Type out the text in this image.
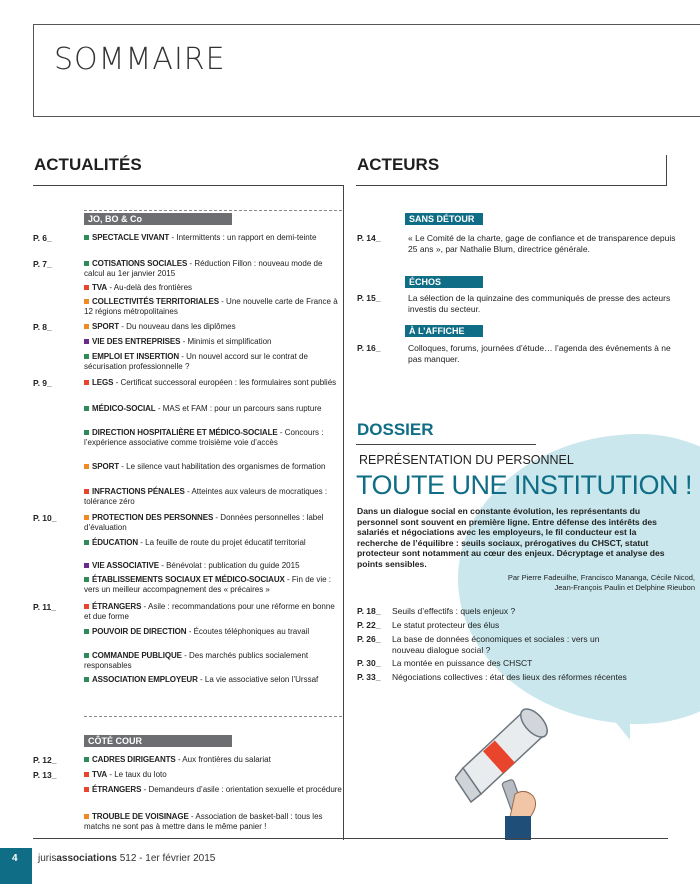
SOMMAIRE
ACTUALITÉS
JO, BO & Co
P. 6_	SPECTACLE VIVANT - Intermittents : un rapport en demi-teinte
P. 7_	COTISATIONS SOCIALES - Réduction Fillon : nouveau mode de calcul au 1er janvier 2015
TVA - Au-delà des frontières
COLLECTIVITÉS TERRITORIALES - Une nouvelle carte de France à 12 régions métropolitaines
P. 8_	SPORT - Du nouveau dans les diplômes
VIE DES ENTREPRISES - Minimis et simplification
EMPLOI ET INSERTION - Un nouvel accord sur le contrat de sécurisation professionnelle ?
P. 9_	LEGS - Certificat successoral européen : les formulaires sont publiés
MÉDICO-SOCIAL - MAS et FAM : pour un parcours sans rupture
DIRECTION HOSPITALIÈRE ET MÉDICO-SOCIALE - Concours : l’expérience associative comme troisième voie d’accès
SPORT - Le silence vaut habilitation des organismes de formation
INFRACTIONS PÉNALES - Atteintes aux valeurs de mocratiques : tolérance zéro
P. 10_	PROTECTION DES PERSONNES - Données personnelles : label d’évaluation
ÉDUCATION - La feuille de route du projet éducatif territorial
VIE ASSOCIATIVE - Bénévolat : publication du guide 2015
ÉTABLISSEMENTS SOCIAUX ET MÉDICO-SOCIAUX - Fin de vie : vers un meilleur accompagnement des « précaires »
P. 11_	ÉTRANGERS - Asile : recommandations pour une réforme en bonne et due forme
POUVOIR DE DIRECTION - Écoutes téléphoniques au travail
COMMANDE PUBLIQUE - Des marchés publics socialement responsables
ASSOCIATION EMPLOYEUR - La vie associative selon l’Urssaf
CÔTÉ COUR
P. 12_	CADRES DIRIGEANTS - Aux frontières du salariat
P. 13_	TVA - Le taux du loto
ÉTRANGERS - Demandeurs d’asile : orientation sexuelle et procédure
TROUBLE DE VOISINAGE - Association de basket-ball : tous les matchs ne sont pas à mettre dans le même panier !
ACTEURS
SANS DÉTOUR
P. 14_	« Le Comité de la charte, gage de confiance et de transparence depuis 25 ans », par Nathalie Blum, directrice générale.
ÉCHOS
P. 15_	La sélection de la quinzaine des communiqués de presse des acteurs investis du secteur.
À L’AFFICHE
P. 16_	Colloques, forums, journées d’étude… l’agenda des événements à ne pas manquer.
DOSSIER
REPRÉSENTATION DU PERSONNEL
TOUTE UNE INSTITUTION !
Dans un dialogue social en constante évolution, les représentants du personnel sont souvent en première ligne. Entre défense des intérêts des salariés et négociations avec les employeurs, le fil conducteur est la recherche de l’équilibre : seuils sociaux, prérogatives du CHSCT, statut protecteur sont notamment au cœur des enjeux. Décryptage et analyse des points sensibles.
Par Pierre Fadeuilhe, Francisco Mananga, Cécile Nicod,
Jean-François Paulin et Delphine Rieubon
P. 18_ Seuils d’effectifs : quels enjeux ?
P. 22_ Le statut protecteur des élus
P. 26_ La base de données économiques et sociales : vers un nouveau dialogue social ?
P. 30_ La montée en puissance des CHSCT
P. 33_ Négociations collectives : état des lieux des réformes récentes
4 jurisassociations 512 - 1er février 2015
